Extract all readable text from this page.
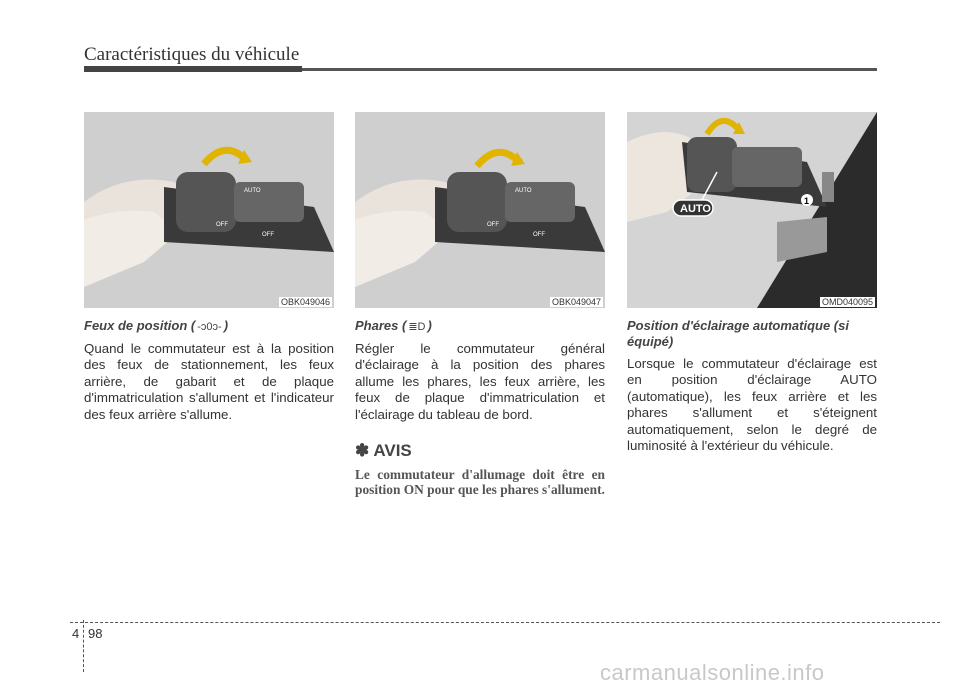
Caractéristiques du véhicule
AUTO
OFF
OFF
OBK049046
Feux de position ( -ↄ0ↄ- )
Quand le commutateur est à la position des feux de stationnement, les feux arrière, de gabarit et de plaque d'immatriculation s'allument et l'indicateur des feux arrière s'allume.
AUTO
OFF
OFF
OBK049047
Phares ( ≣D )
Régler le commutateur général d'éclairage à la position des phares allume les phares, les feux arrière, les feux de plaque d'immatriculation et l'éclairage du tableau de bord.
✽ AVIS
Le commutateur d'allumage doit être en position ON pour que les phares s'allument.
AUTO
1
OMD040095
Position d'éclairage automatique (si équipé)
Lorsque le commutateur d'éclairage est en position d'éclairage AUTO (automatique), les feux arrière et les phares s'allument et s'éteignent automatiquement, selon le degré de luminosité à l'extérieur du véhicule.
4 98
carmanualsonline.info
